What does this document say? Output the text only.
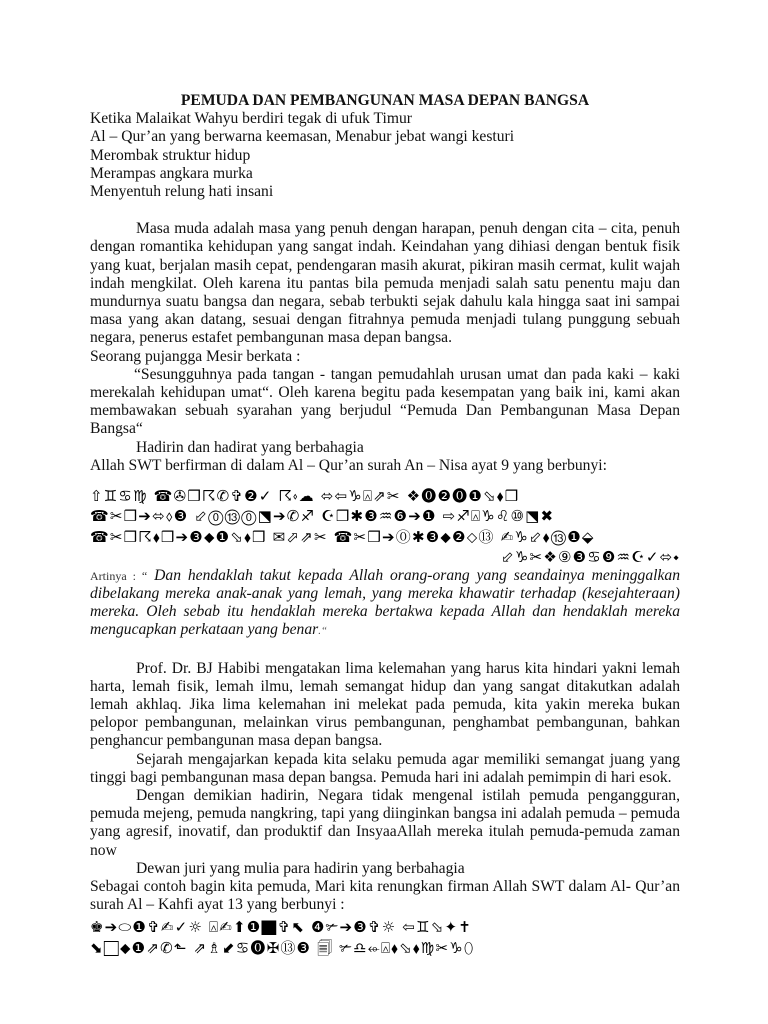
PEMUDA DAN PEMBANGUNAN MASA DEPAN BANGSA

Ketika Malaikat Wahyu berdiri tegak di ufuk Timur

Al – Qur’an yang berwarna keemasan, Menabur jebat wangi kesturi

Merombak struktur hidup

Merampas angkara murka

Menyentuh relung hati insani

Masa muda adalah masa yang penuh dengan harapan, penuh dengan cita – cita, penuh dengan romantika kehidupan yang sangat indah. Keindahan yang dihiasi dengan bentuk fisik yang kuat, berjalan masih cepat, pendengaran masih akurat, pikiran masih cermat, kulit wajah indah mengkilat. Oleh karena itu pantas bila pemuda menjadi salah satu penentu maju dan mundurnya suatu bangsa dan negara, sebab terbukti sejak dahulu kala hingga saat ini sampai masa yang akan datang, sesuai dengan fitrahnya pemuda menjadi tulang punggung sebuah negara, penerus estafet pembangunan masa depan bangsa.

Seorang pujangga Mesir berkata :

“Sesungguhnya pada tangan - tangan pemudahlah urusan umat dan pada kaki – kaki merekalah kehidupan umat“. Oleh karena begitu pada kesempatan yang baik ini, kami akan membawakan sebuah syarahan yang berjudul “Pemuda Dan Pembangunan Masa Depan Bangsa“

Hadirin dan hadirat yang berbahagia

Allah SWT berfirman di dalam Al – Qur’an surah An – Nisa ayat 9 yang berbunyi:

⇧♊︎♋︎♍︎ ☎︎✇︎❒︎☈︎✆︎✞︎❷︎✓︎ ☈︎⬫︎☁︎ ⬄︎⇦︎♑︎⍓︎⇗︎✂︎ ❖︎⓿︎❷︎⓿︎❶︎⬂︎⬧︎❒︎

☎︎✂︎❒︎➔︎⬄︎⬨︎❸︎ ⬃︎⓪︎⑬︎⓪︎⬔︎➔︎✆︎♐︎ ☪︎❒︎✱︎❸︎♒︎❻︎➔︎❶︎ ⇨︎♐︎⍓︎♑︎♌︎⑩︎⬔︎✖︎

☎︎✂︎❒︎☈︎⬧︎❒︎➔︎❸︎⬥︎❶︎⬂︎⬧︎❒︎ ✉︎⬀︎⇗︎✂︎ ☎︎✂︎❒︎➔︎⓪︎✱︎❸︎⬥︎❷︎⬦︎⑬︎ ✍︎♑︎⬃︎⬧︎⑬︎❶︎⬙︎

⬃︎♑︎✂︎❖︎⑨︎❸︎♋︎❾︎♒︎☪︎✓︎⬄︎⬩︎

Artinya : “ Dan hendaklah takut kepada Allah orang-orang yang seandainya meninggalkan dibelakang mereka anak-anak yang lemah, yang mereka khawatir terhadap (kesejahteraan) mereka. Oleh sebab itu hendaklah mereka bertakwa kepada Allah dan hendaklah mereka mengucapkan perkataan yang benar.“

Prof. Dr. BJ Habibi mengatakan lima kelemahan yang harus kita hindari yakni lemah harta, lemah fisik, lemah ilmu, lemah semangat hidup dan yang sangat ditakutkan adalah lemah akhlaq. Jika lima kelemahan ini melekat pada pemuda, kita yakin mereka bukan pelopor pembangunan, melainkan virus pembangunan, penghambat pembangunan, bahkan penghancur pembangunan masa depan bangsa.

Sejarah mengajarkan kepada kita selaku pemuda agar memiliki semangat juang yang tinggi bagi pembangunan masa depan bangsa. Pemuda hari ini adalah pemimpin di hari esok.

Dengan demikian hadirin, Negara tidak mengenal istilah pemuda pengangguran, pemuda mejeng, pemuda nangkring, tapi yang diinginkan bangsa ini adalah pemuda – pemuda yang agresif, inovatif, dan produktif dan InsyaaAllah mereka itulah pemuda-pemuda zaman now

Dewan juri yang mulia para hadirin yang berbahagia

Sebagai contoh bagin kita pemuda, Mari kita renungkan firman Allah SWT dalam Al- Qur’an surah Al – Kahfi ayat 13 yang berbunyi :

♚︎➔︎⬭︎❶︎✞︎✍︎✓︎☼︎ ⍓︎✍︎⬆︎❶︎⬛︎✞︎⬉︎ ❹︎✃︎➔︎❸︎✞︎☼︎ ⇦︎♊︎⬂︎✦︎✝︎

⬊︎⬜︎⬥︎❶︎⇗︎✆︎⬑︎ ⇗︎♗︎⬋︎♋︎⓿︎✠︎⑬︎❸︎ 🗐︎ ✃︎♎︎⬰︎⍓︎⬧︎⬂︎⬧︎♍︎✂︎♑︎⬯︎
